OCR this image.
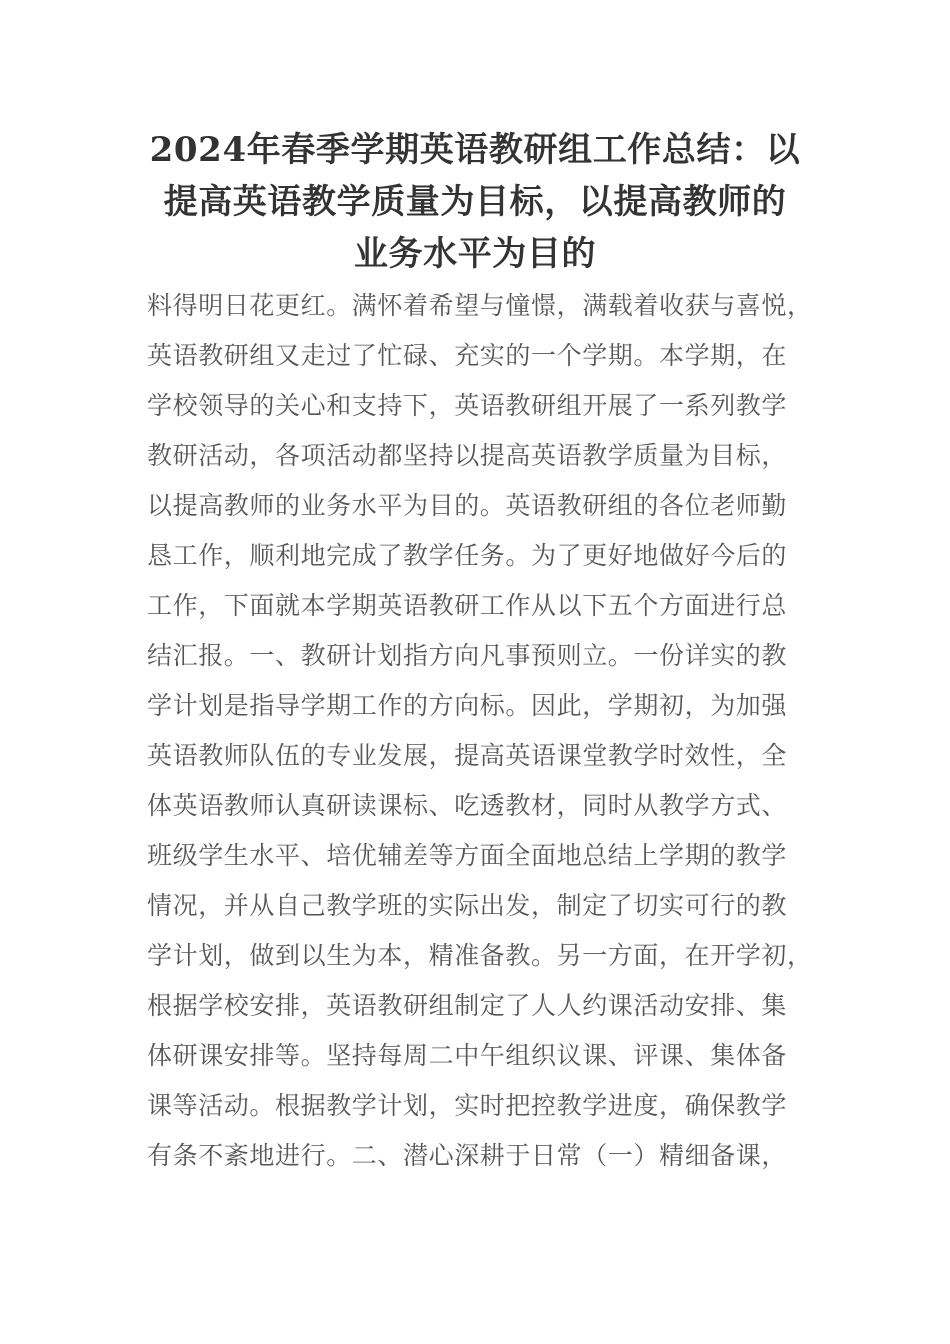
2024年春季学期英语教研组工作总结：以
提高英语教学质量为目标，以提高教师的
业务水平为目的
料得明日花更红。满怀着希望与憧憬，满载着收获与喜悦，
英语教研组又走过了忙碌、充实的一个学期。本学期，在
学校领导的关心和支持下，英语教研组开展了一系列教学
教研活动，各项活动都坚持以提高英语教学质量为目标，
以提高教师的业务水平为目的。英语教研组的各位老师勤
恳工作，顺利地完成了教学任务。为了更好地做好今后的
工作，下面就本学期英语教研工作从以下五个方面进行总
结汇报。一、教研计划指方向凡事预则立。一份详实的教
学计划是指导学期工作的方向标。因此，学期初，为加强
英语教师队伍的专业发展，提高英语课堂教学时效性，全
体英语教师认真研读课标、吃透教材，同时从教学方式、
班级学生水平、培优辅差等方面全面地总结上学期的教学
情况，并从自己教学班的实际出发，制定了切实可行的教
学计划，做到以生为本，精准备教。另一方面，在开学初，
根据学校安排，英语教研组制定了人人约课活动安排、集
体研课安排等。坚持每周二中午组织议课、评课、集体备
课等活动。根据教学计划，实时把控教学进度，确保教学
有条不紊地进行。二、潜心深耕于日常（一）精细备课，
